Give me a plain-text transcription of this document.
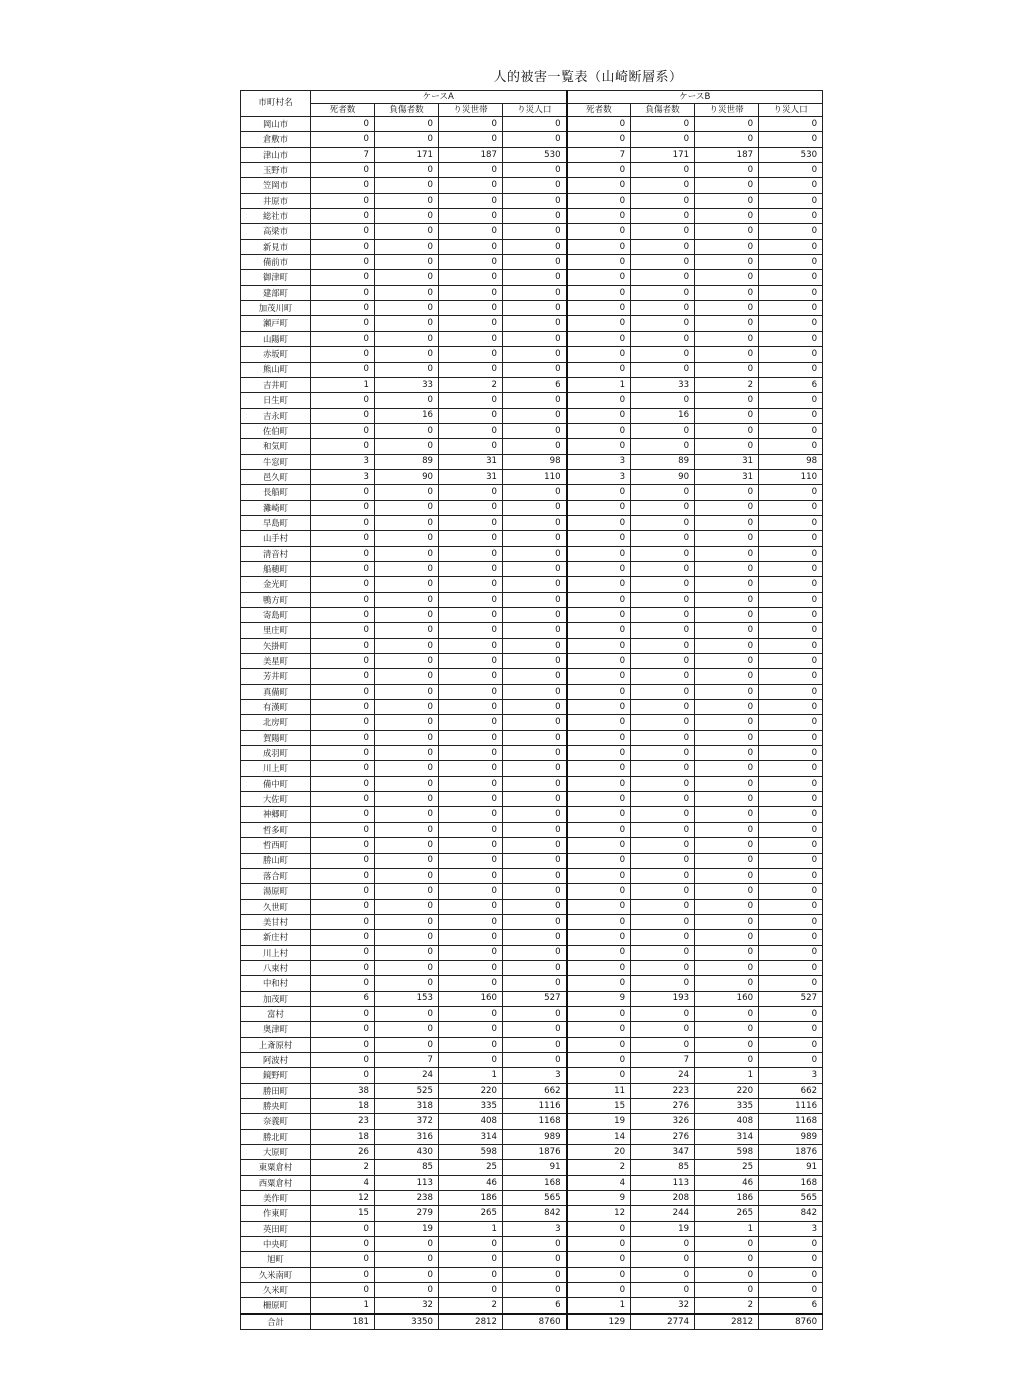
人的被害一覧表（山崎断層系）
市町村名	ケースA				ケースB			
	死者数	負傷者数	り災世帯	り災人口	死者数	負傷者数	り災世帯	り災人口
岡山市	0	0	0	0	0	0	0	0
倉敷市	0	0	0	0	0	0	0	0
津山市	7	171	187	530	7	171	187	530
玉野市	0	0	0	0	0	0	0	0
笠岡市	0	0	0	0	0	0	0	0
井原市	0	0	0	0	0	0	0	0
総社市	0	0	0	0	0	0	0	0
高梁市	0	0	0	0	0	0	0	0
新見市	0	0	0	0	0	0	0	0
備前市	0	0	0	0	0	0	0	0
御津町	0	0	0	0	0	0	0	0
建部町	0	0	0	0	0	0	0	0
加茂川町	0	0	0	0	0	0	0	0
瀬戸町	0	0	0	0	0	0	0	0
山陽町	0	0	0	0	0	0	0	0
赤坂町	0	0	0	0	0	0	0	0
熊山町	0	0	0	0	0	0	0	0
吉井町	1	33	2	6	1	33	2	6
日生町	0	0	0	0	0	0	0	0
吉永町	0	16	0	0	0	16	0	0
佐伯町	0	0	0	0	0	0	0	0
和気町	0	0	0	0	0	0	0	0
牛窓町	3	89	31	98	3	89	31	98
邑久町	3	90	31	110	3	90	31	110
長船町	0	0	0	0	0	0	0	0
灘崎町	0	0	0	0	0	0	0	0
早島町	0	0	0	0	0	0	0	0
山手村	0	0	0	0	0	0	0	0
清音村	0	0	0	0	0	0	0	0
船穂町	0	0	0	0	0	0	0	0
金光町	0	0	0	0	0	0	0	0
鴨方町	0	0	0	0	0	0	0	0
寄島町	0	0	0	0	0	0	0	0
里庄町	0	0	0	0	0	0	0	0
矢掛町	0	0	0	0	0	0	0	0
美星町	0	0	0	0	0	0	0	0
芳井町	0	0	0	0	0	0	0	0
真備町	0	0	0	0	0	0	0	0
有漢町	0	0	0	0	0	0	0	0
北房町	0	0	0	0	0	0	0	0
賀陽町	0	0	0	0	0	0	0	0
成羽町	0	0	0	0	0	0	0	0
川上町	0	0	0	0	0	0	0	0
備中町	0	0	0	0	0	0	0	0
大佐町	0	0	0	0	0	0	0	0
神郷町	0	0	0	0	0	0	0	0
哲多町	0	0	0	0	0	0	0	0
哲西町	0	0	0	0	0	0	0	0
勝山町	0	0	0	0	0	0	0	0
落合町	0	0	0	0	0	0	0	0
湯原町	0	0	0	0	0	0	0	0
久世町	0	0	0	0	0	0	0	0
美甘村	0	0	0	0	0	0	0	0
新庄村	0	0	0	0	0	0	0	0
川上村	0	0	0	0	0	0	0	0
八束村	0	0	0	0	0	0	0	0
中和村	0	0	0	0	0	0	0	0
加茂町	6	153	160	527	9	193	160	527
富村	0	0	0	0	0	0	0	0
奥津町	0	0	0	0	0	0	0	0
上斎原村	0	0	0	0	0	0	0	0
阿波村	0	7	0	0	0	7	0	0
鏡野町	0	24	1	3	0	24	1	3
勝田町	38	525	220	662	11	223	220	662
勝央町	18	318	335	1116	15	276	335	1116
奈義町	23	372	408	1168	19	326	408	1168
勝北町	18	316	314	989	14	276	314	989
大原町	26	430	598	1876	20	347	598	1876
東粟倉村	2	85	25	91	2	85	25	91
西粟倉村	4	113	46	168	4	113	46	168
美作町	12	238	186	565	9	208	186	565
作東町	15	279	265	842	12	244	265	842
英田町	0	19	1	3	0	19	1	3
中央町	0	0	0	0	0	0	0	0
旭町	0	0	0	0	0	0	0	0
久米南町	0	0	0	0	0	0	0	0
久米町	0	0	0	0	0	0	0	0
柵原町	1	32	2	6	1	32	2	6
合計	181	3350	2812	8760	129	2774	2812	8760
